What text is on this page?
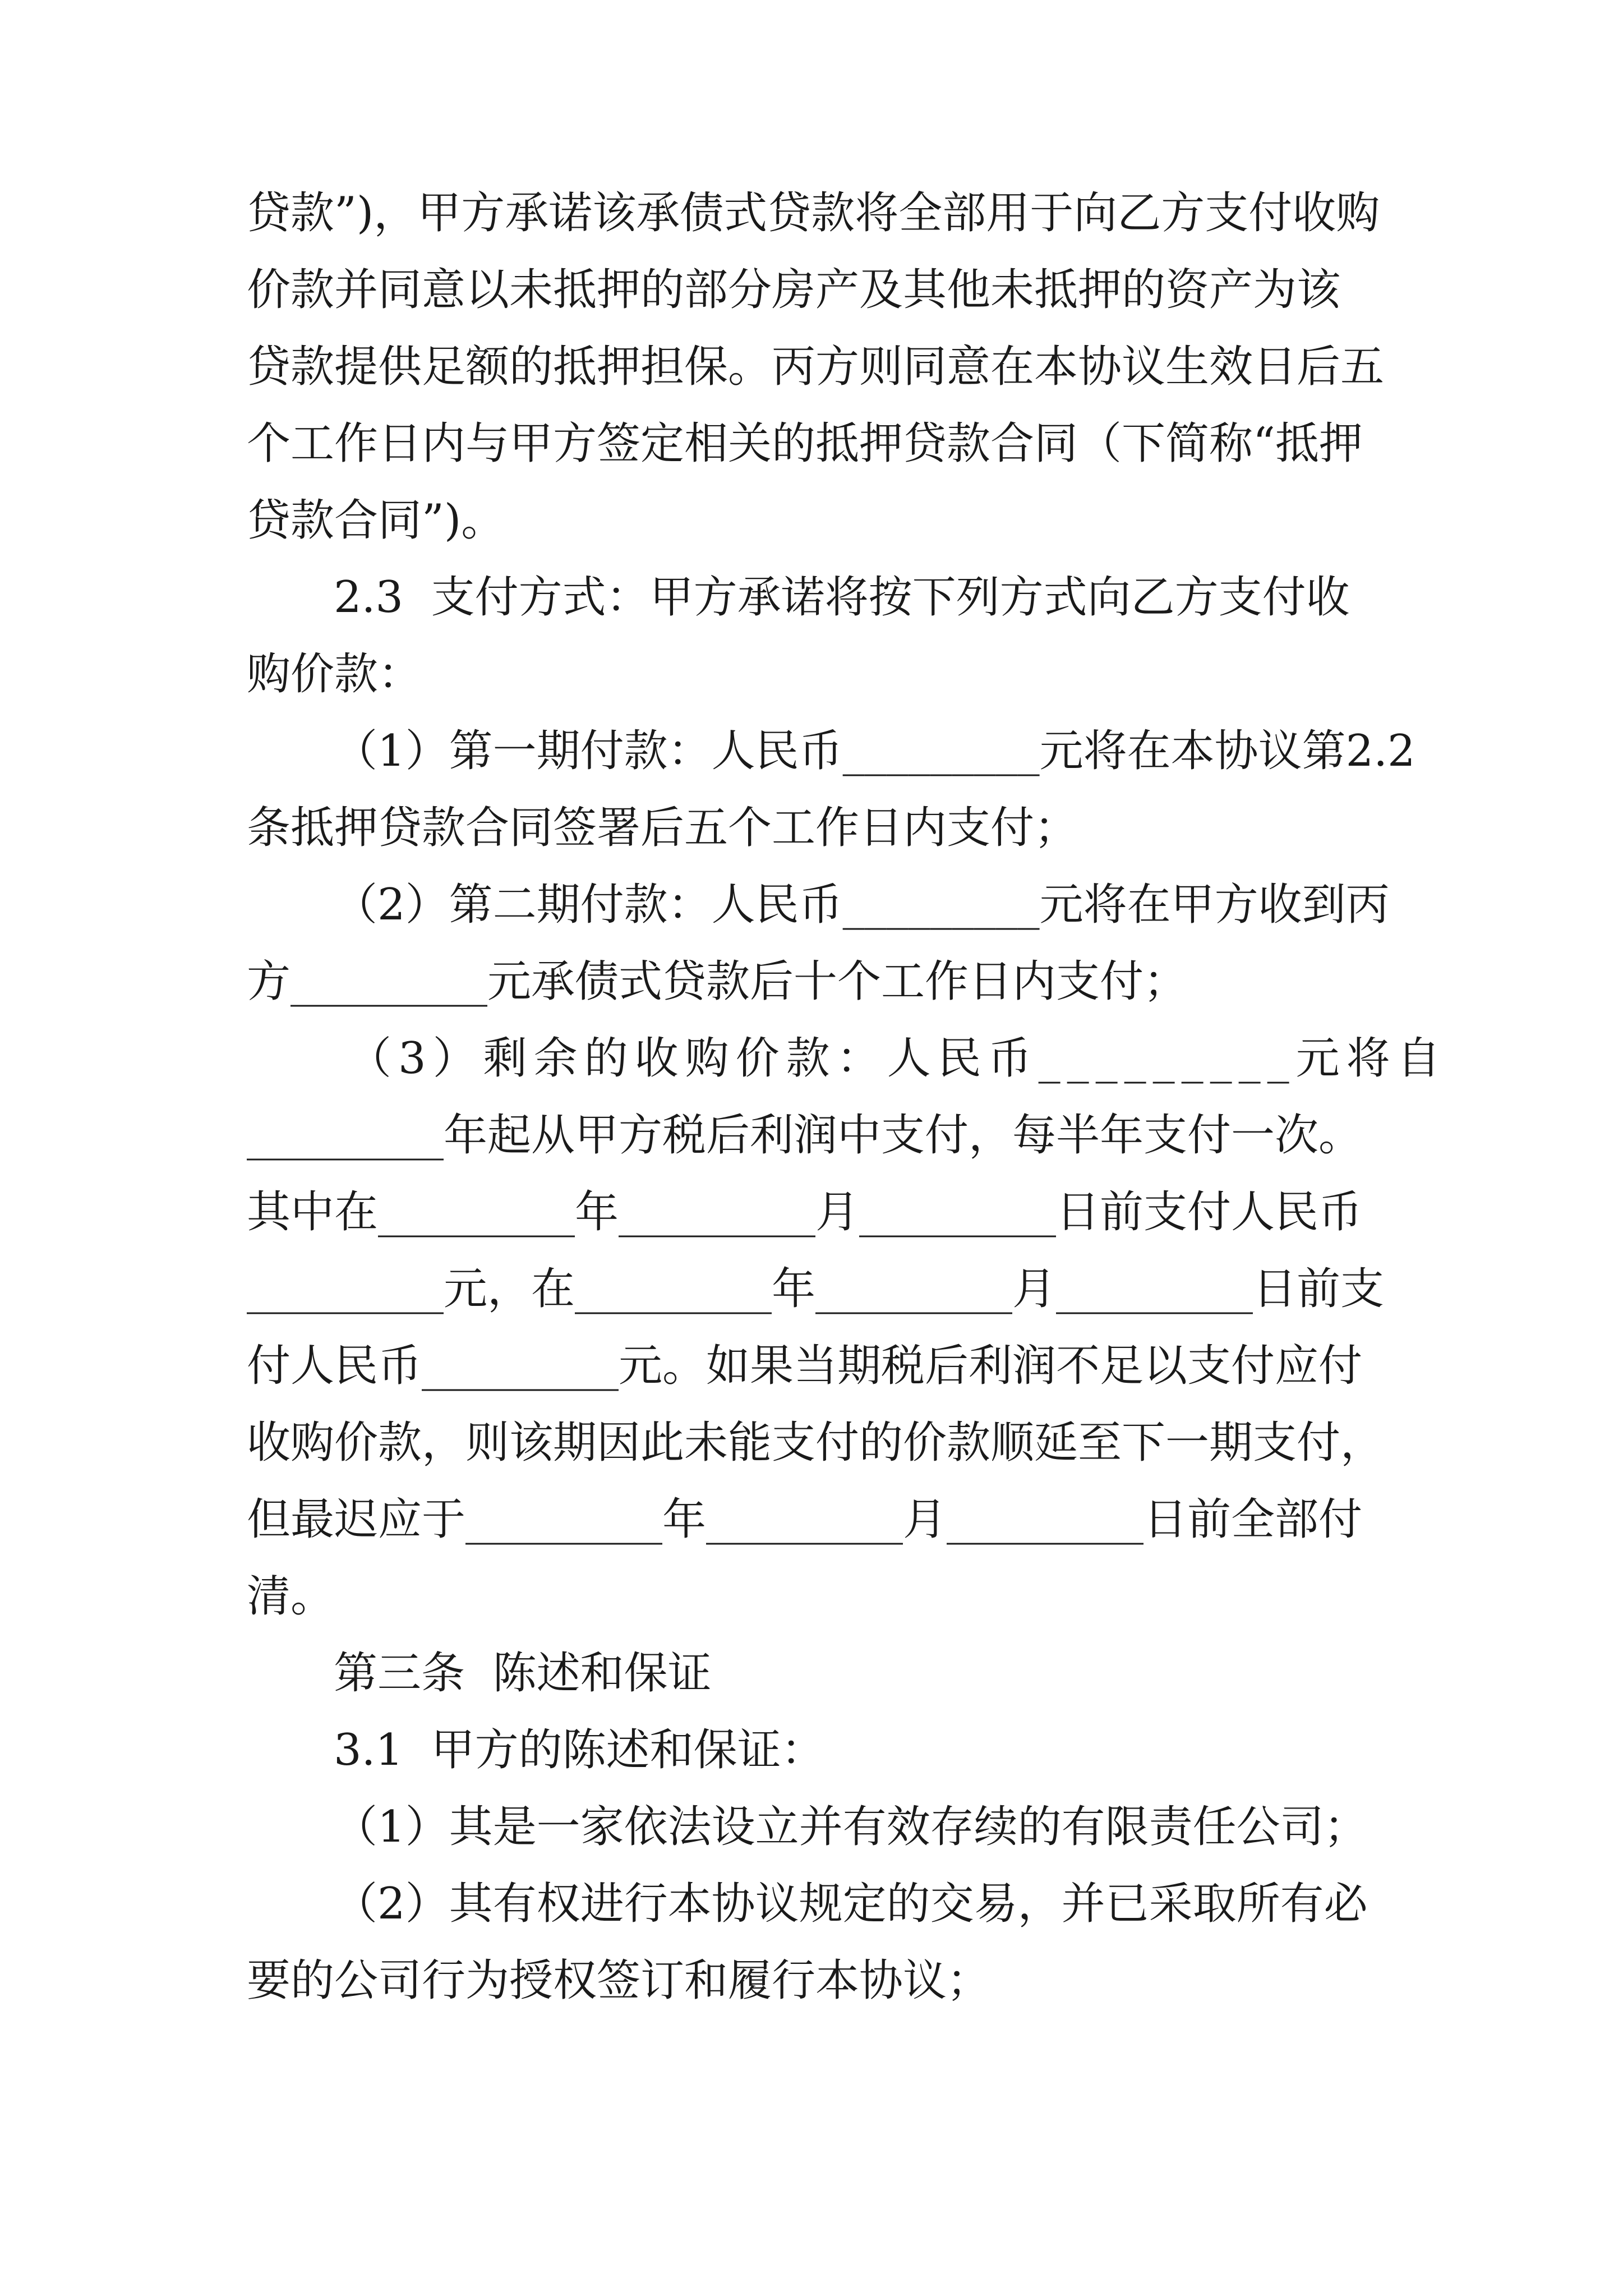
贷款”)，甲方承诺该承债式贷款将全部用于向乙方支付收购
价款并同意以未抵押的部分房产及其他未抵押的资产为该
贷款提供足额的抵押担保。丙方则同意在本协议生效日后五
个工作日内与甲方签定相关的抵押贷款合同（下简称“抵押
贷款合同”)。
2.3  支付方式：甲方承诺将按下列方式向乙方支付收
购价款：
（1）第一期付款：人民币_________元将在本协议第2.2
条抵押贷款合同签署后五个工作日内支付；
（2）第二期付款：人民币_________元将在甲方收到丙
方_________元承债式贷款后十个工作日内支付；
（3）剩余的收购价款：人民币_________元将自
_________年起从甲方税后利润中支付，每半年支付一次。
其中在_________年_________月_________日前支付人民币
_________元，在_________年_________月_________日前支
付人民币_________元。如果当期税后利润不足以支付应付
收购价款，则该期因此未能支付的价款顺延至下一期支付，
但最迟应于_________年_________月_________日前全部付
清。
第三条  陈述和保证
3.1  甲方的陈述和保证：
（1）其是一家依法设立并有效存续的有限责任公司；
（2）其有权进行本协议规定的交易，并已采取所有必
要的公司行为授权签订和履行本协议；
